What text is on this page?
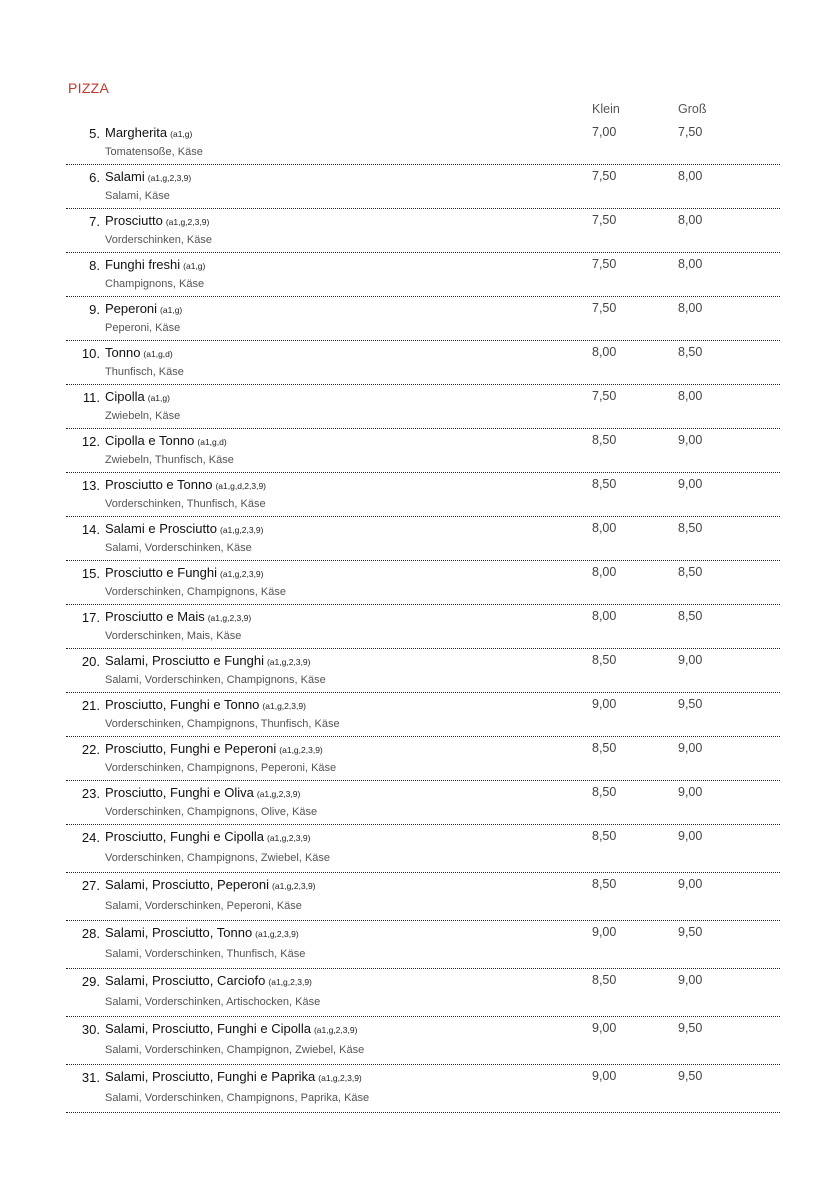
PIZZA
Klein	Groß
5. Margherita (a1,g)
Tomatensoße, Käse
7,00	7,50
6. Salami (a1,g,2,3,9)
Salami, Käse
7,50	8,00
7. Prosciutto (a1,g,2,3,9)
Vorderschinken, Käse
7,50	8,00
8. Funghi freshi (a1,g)
Champignons, Käse
7,50	8,00
9. Peperoni (a1,g)
Peperoni, Käse
7,50	8,00
10. Tonno (a1,g,d)
Thunfisch, Käse
8,00	8,50
11. Cipolla (a1,g)
Zwiebeln, Käse
7,50	8,00
12. Cipolla e Tonno (a1,g,d)
Zwiebeln, Thunfisch, Käse
8,50	9,00
13. Prosciutto e Tonno (a1,g,d,2,3,9)
Vorderschinken, Thunfisch, Käse
8,50	9,00
14. Salami e Prosciutto (a1,g,2,3,9)
Salami, Vorderschinken, Käse
8,00	8,50
15. Prosciutto e Funghi (a1,g,2,3,9)
Vorderschinken, Champignons, Käse
8,00	8,50
17. Prosciutto e Mais (a1,g,2,3,9)
Vorderschinken, Mais, Käse
8,00	8,50
20. Salami, Prosciutto e Funghi (a1,g,2,3,9)
Salami, Vorderschinken, Champignons, Käse
8,50	9,00
21. Prosciutto, Funghi e Tonno (a1,g,2,3,9)
Vorderschinken, Champignons, Thunfisch, Käse
9,00	9,50
22. Prosciutto, Funghi e Peperoni (a1,g,2,3,9)
Vorderschinken, Champignons, Peperoni, Käse
8,50	9,00
23. Prosciutto, Funghi e Oliva (a1,g,2,3,9)
Vorderschinken, Champignons, Olive, Käse
8,50	9,00
24. Prosciutto, Funghi e Cipolla (a1,g,2,3,9)
Vorderschinken, Champignons, Zwiebel, Käse
8,50	9,00
27. Salami, Prosciutto, Peperoni (a1,g,2,3,9)
Salami, Vorderschinken, Peperoni, Käse
8,50	9,00
28. Salami, Prosciutto, Tonno (a1,g,2,3,9)
Salami, Vorderschinken, Thunfisch, Käse
9,00	9,50
29. Salami, Prosciutto, Carciofo (a1,g,2,3,9)
Salami, Vorderschinken, Artischocken, Käse
8,50	9,00
30. Salami, Prosciutto, Funghi e Cipolla (a1,g,2,3,9)
Salami, Vorderschinken, Champignon, Zwiebel, Käse
9,00	9,50
31. Salami, Prosciutto, Funghi e Paprika (a1,g,2,3,9)
Salami, Vorderschinken, Champignons, Paprika, Käse
9,00	9,50
